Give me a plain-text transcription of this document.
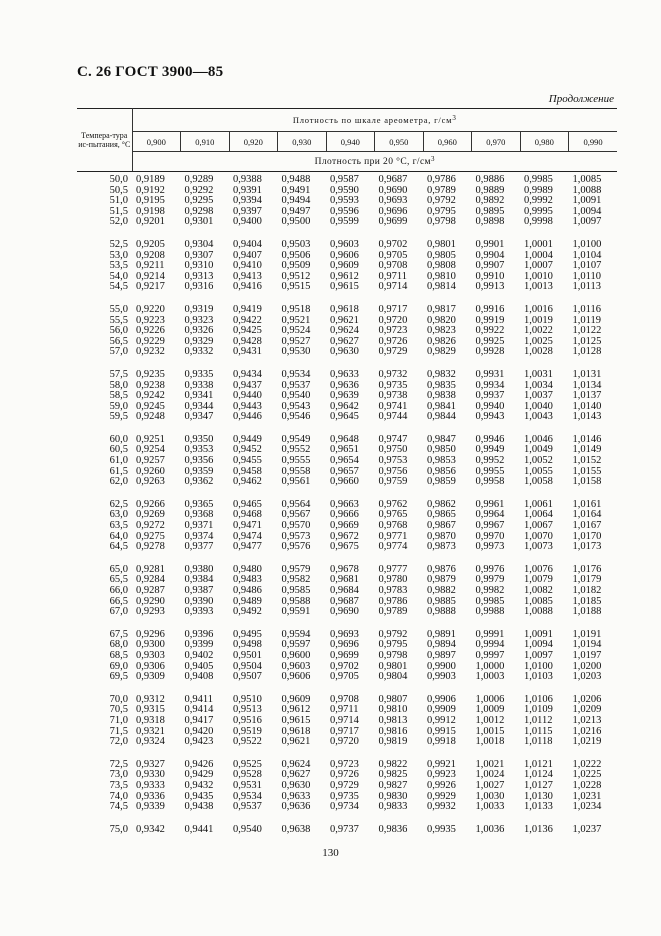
С. 26 ГОСТ 3900—85
Продолжение
Темпера-тура ис-пытания, °С	Плотность по шкале ареометра, $г/см^3$
	0,900	0,910	0,920	0,930	0,940	0,950	0,960	0,970	0,980	0,990
	Плотность при 20 °С, $г/см^3$
50,0	0,9189	0,9289	0,9388	0,9488	0,9587	0,9687	0,9786	0,9886	0,9985	1,0085
50,5	0,9192	0,9292	0,9391	0,9491	0,9590	0,9690	0,9789	0,9889	0,9989	1,0088
51,0	0,9195	0,9295	0,9394	0,9494	0,9593	0,9693	0,9792	0,9892	0,9992	1,0091
51,5	0,9198	0,9298	0,9397	0,9497	0,9596	0,9696	0,9795	0,9895	0,9995	1,0094
52,0	0,9201	0,9301	0,9400	0,9500	0,9599	0,9699	0,9798	0,9898	0,9998	1,0097

52,5	0,9205	0,9304	0,9404	0,9503	0,9603	0,9702	0,9801	0,9901	1,0001	1,0100
53,0	0,9208	0,9307	0,9407	0,9506	0,9606	0,9705	0,9805	0,9904	1,0004	1,0104
53,5	0,9211	0,9310	0,9410	0,9509	0,9609	0,9708	0,9808	0,9907	1,0007	1,0107
54,0	0,9214	0,9313	0,9413	0,9512	0,9612	0,9711	0,9810	0,9910	1,0010	1,0110
54,5	0,9217	0,9316	0,9416	0,9515	0,9615	0,9714	0,9814	0,9913	1,0013	1,0113

55,0	0,9220	0,9319	0,9419	0,9518	0,9618	0,9717	0,9817	0,9916	1,0016	1,0116
55,5	0,9223	0,9323	0,9422	0,9521	0,9621	0,9720	0,9820	0,9919	1,0019	1,0119
56,0	0,9226	0,9326	0,9425	0,9524	0,9624	0,9723	0,9823	0,9922	1,0022	1,0122
56,5	0,9229	0,9329	0,9428	0,9527	0,9627	0,9726	0,9826	0,9925	1,0025	1,0125
57,0	0,9232	0,9332	0,9431	0,9530	0,9630	0,9729	0,9829	0,9928	1,0028	1,0128

57,5	0,9235	0,9335	0,9434	0,9534	0,9633	0,9732	0,9832	0,9931	1,0031	1,0131
58,0	0,9238	0,9338	0,9437	0,9537	0,9636	0,9735	0,9835	0,9934	1,0034	1,0134
58,5	0,9242	0,9341	0,9440	0,9540	0,9639	0,9738	0,9838	0,9937	1,0037	1,0137
59,0	0,9245	0,9344	0,9443	0,9543	0,9642	0,9741	0,9841	0,9940	1,0040	1,0140
59,5	0,9248	0,9347	0,9446	0,9546	0,9645	0,9744	0,9844	0,9943	1,0043	1,0143

60,0	0,9251	0,9350	0,9449	0,9549	0,9648	0,9747	0,9847	0,9946	1,0046	1,0146
60,5	0,9254	0,9353	0,9452	0,9552	0,9651	0,9750	0,9850	0,9949	1,0049	1,0149
61,0	0,9257	0,9356	0,9455	0,9555	0,9654	0,9753	0,9853	0,9952	1,0052	1,0152
61,5	0,9260	0,9359	0,9458	0,9558	0,9657	0,9756	0,9856	0,9955	1,0055	1,0155
62,0	0,9263	0,9362	0,9462	0,9561	0,9660	0,9759	0,9859	0,9958	1,0058	1,0158

62,5	0,9266	0,9365	0,9465	0,9564	0,9663	0,9762	0,9862	0,9961	1,0061	1,0161
63,0	0,9269	0,9368	0,9468	0,9567	0,9666	0,9765	0,9865	0,9964	1,0064	1,0164
63,5	0,9272	0,9371	0,9471	0,9570	0,9669	0,9768	0,9867	0,9967	1,0067	1,0167
64,0	0,9275	0,9374	0,9474	0,9573	0,9672	0,9771	0,9870	0,9970	1,0070	1,0170
64,5	0,9278	0,9377	0,9477	0,9576	0,9675	0,9774	0,9873	0,9973	1,0073	1,0173

65,0	0,9281	0,9380	0,9480	0,9579	0,9678	0,9777	0,9876	0,9976	1,0076	1,0176
65,5	0,9284	0,9384	0,9483	0,9582	0,9681	0,9780	0,9879	0,9979	1,0079	1,0179
66,0	0,9287	0,9387	0,9486	0,9585	0,9684	0,9783	0,9882	0,9982	1,0082	1,0182
66,5	0,9290	0,9390	0,9489	0,9588	0,9687	0,9786	0,9885	0,9985	1,0085	1,0185
67,0	0,9293	0,9393	0,9492	0,9591	0,9690	0,9789	0,9888	0,9988	1,0088	1,0188

67,5	0,9296	0,9396	0,9495	0,9594	0,9693	0,9792	0,9891	0,9991	1,0091	1,0191
68,0	0,9300	0,9399	0,9498	0,9597	0,9696	0,9795	0,9894	0,9994	1,0094	1,0194
68,5	0,9303	0,9402	0,9501	0,9600	0,9699	0,9798	0,9897	0,9997	1,0097	1,0197
69,0	0,9306	0,9405	0,9504	0,9603	0,9702	0,9801	0,9900	1,0000	1,0100	1,0200
69,5	0,9309	0,9408	0,9507	0,9606	0,9705	0,9804	0,9903	1,0003	1,0103	1,0203

70,0	0,9312	0,9411	0,9510	0,9609	0,9708	0,9807	0,9906	1,0006	1,0106	1,0206
70,5	0,9315	0,9414	0,9513	0,9612	0,9711	0,9810	0,9909	1,0009	1,0109	1,0209
71,0	0,9318	0,9417	0,9516	0,9615	0,9714	0,9813	0,9912	1,0012	1,0112	1,0213
71,5	0,9321	0,9420	0,9519	0,9618	0,9717	0,9816	0,9915	1,0015	1,0115	1,0216
72,0	0,9324	0,9423	0,9522	0,9621	0,9720	0,9819	0,9918	1,0018	1,0118	1,0219

72,5	0,9327	0,9426	0,9525	0,9624	0,9723	0,9822	0,9921	1,0021	1,0121	1,0222
73,0	0,9330	0,9429	0,9528	0,9627	0,9726	0,9825	0,9923	1,0024	1,0124	1,0225
73,5	0,9333	0,9432	0,9531	0,9630	0,9729	0,9827	0,9926	1,0027	1,0127	1,0228
74,0	0,9336	0,9435	0,9534	0,9633	0,9735	0,9830	0,9929	1,0030	1,0130	1,0231
74,5	0,9339	0,9438	0,9537	0,9636	0,9734	0,9833	0,9932	1,0033	1,0133	1,0234

75,0	0,9342	0,9441	0,9540	0,9638	0,9737	0,9836	0,9935	1,0036	1,0136	1,0237
130
